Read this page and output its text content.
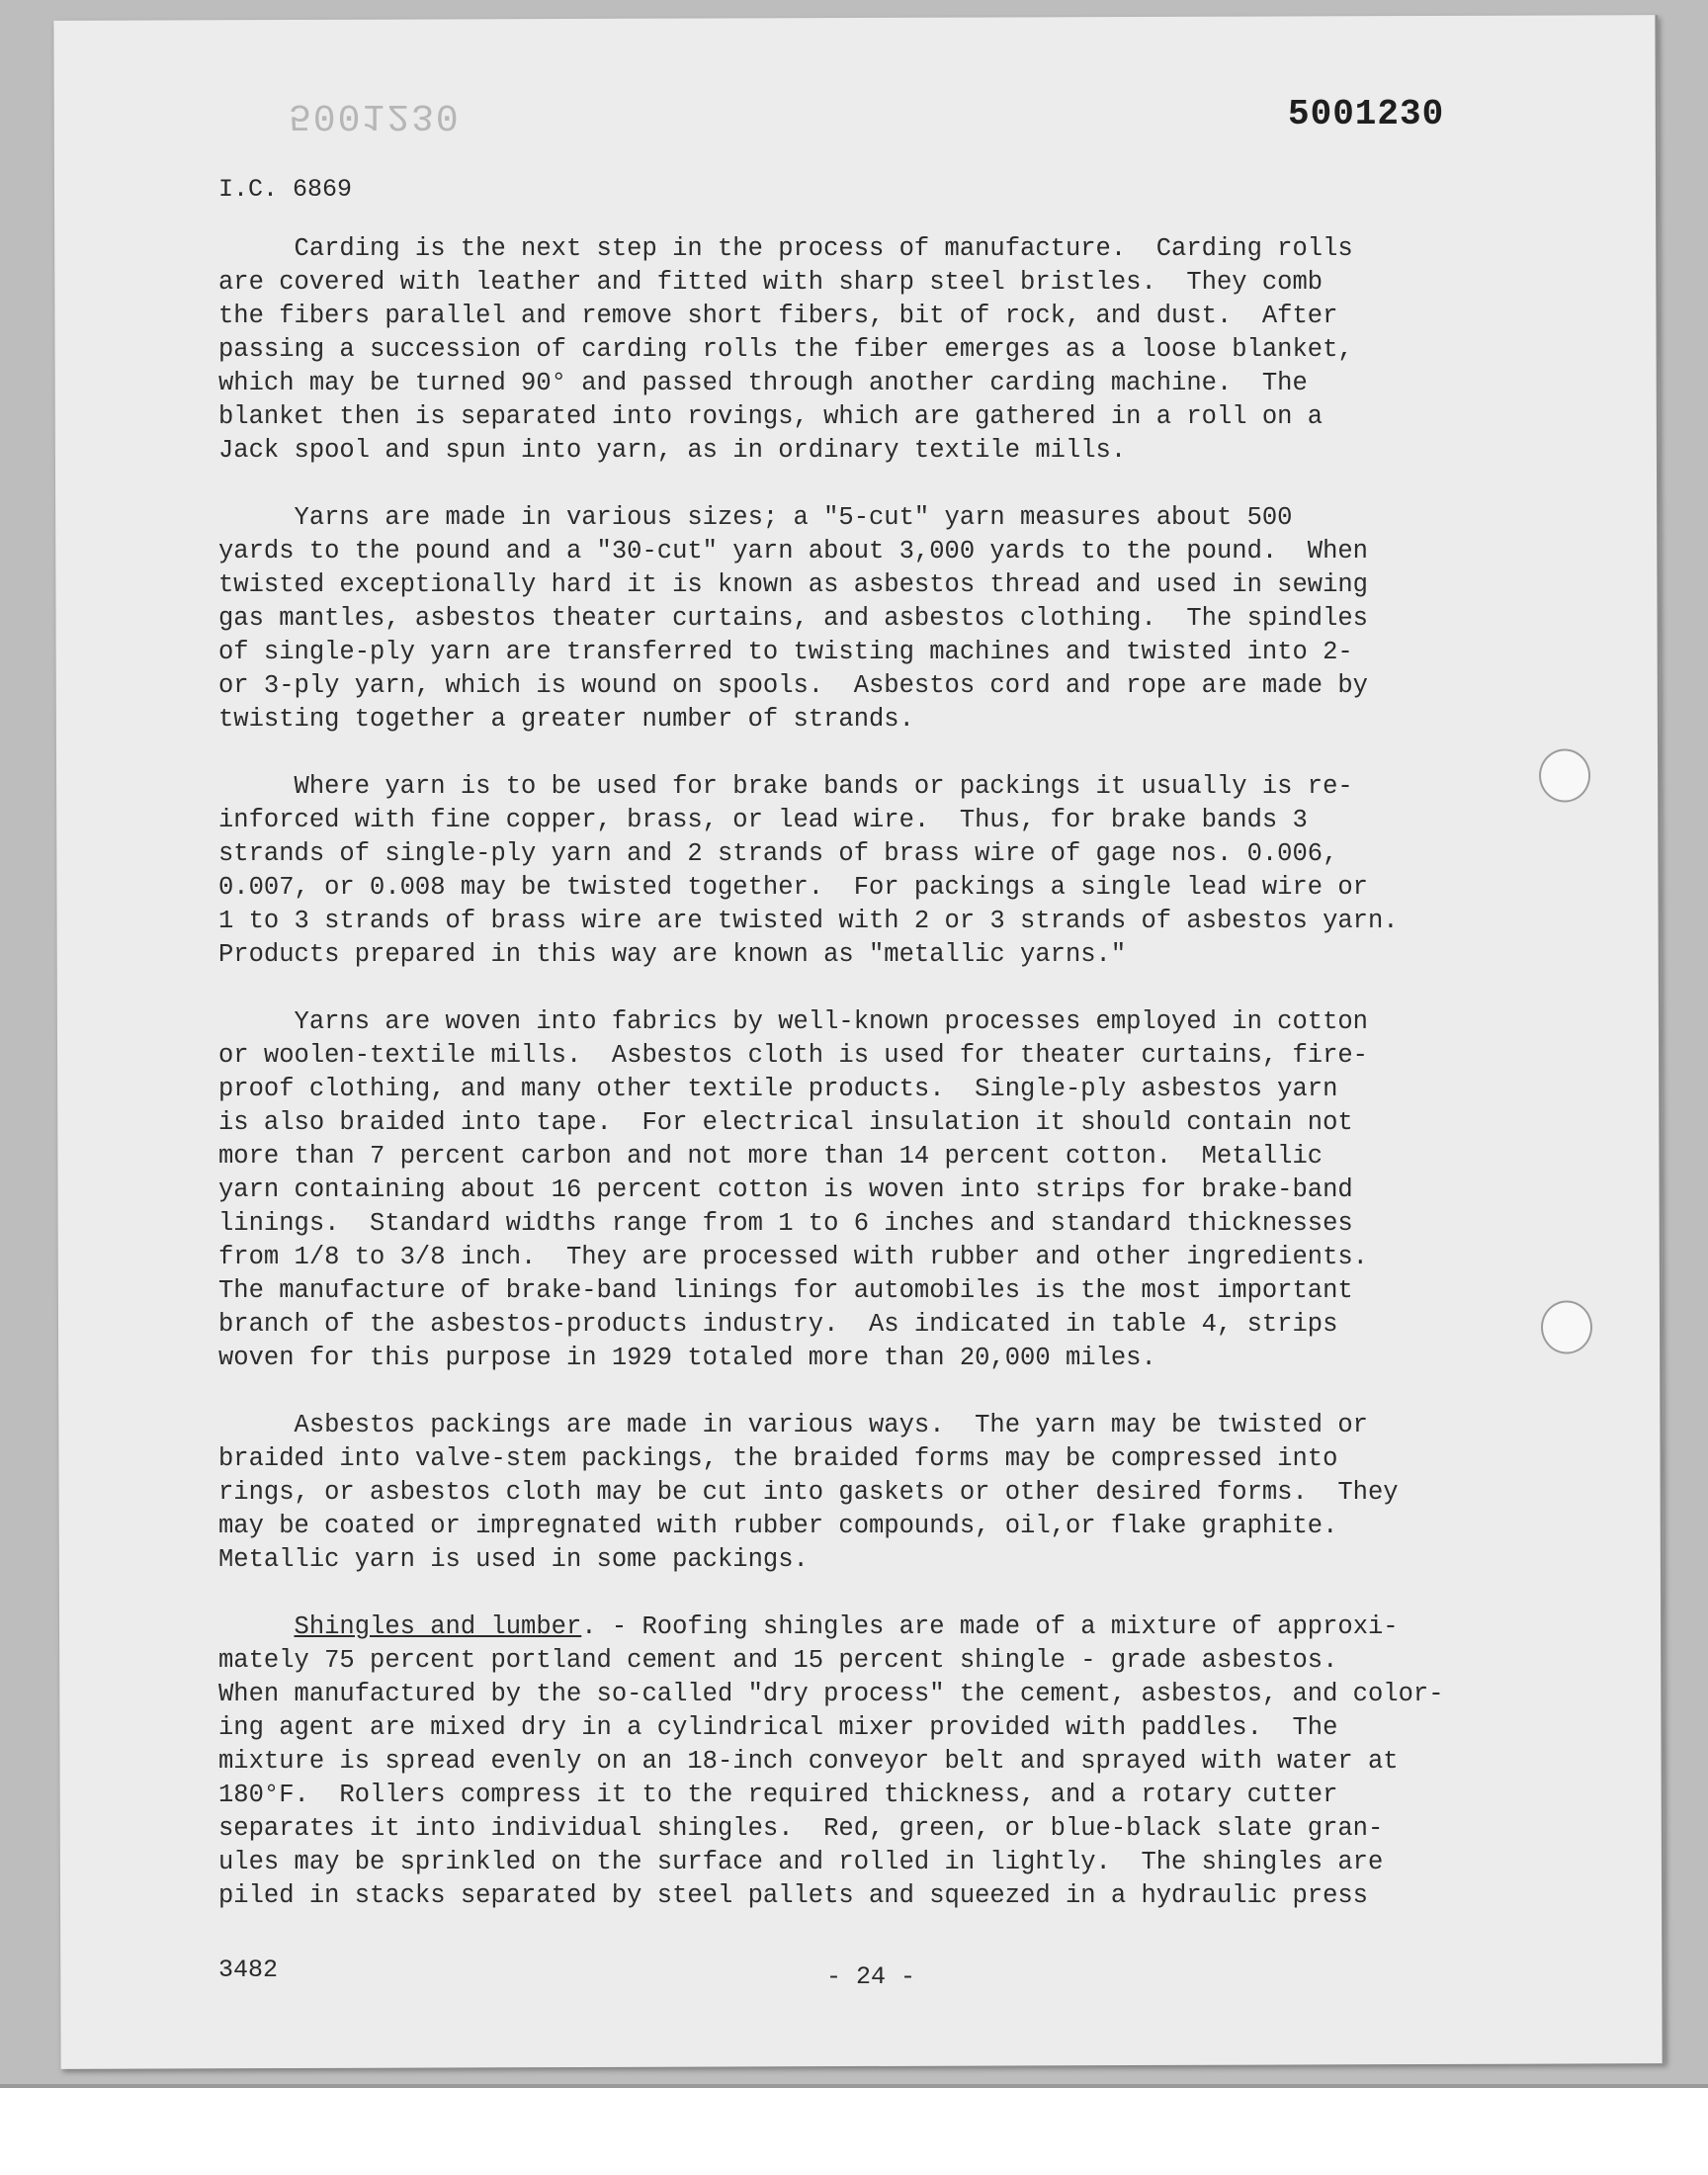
5001230	5001230
I.C. 6869

Carding is the next step in the process of manufacture.  Carding rolls
are covered with leather and fitted with sharp steel bristles.  They comb
the fibers parallel and remove short fibers, bit of rock, and dust.  After
passing a succession of carding rolls the fiber emerges as a loose blanket,
which may be turned 90° and passed through another carding machine.  The
blanket then is separated into rovings, which are gathered in a roll on a
Jack spool and spun into yarn, as in ordinary textile mills.

Yarns are made in various sizes; a "5-cut" yarn measures about 500
yards to the pound and a "30-cut" yarn about 3,000 yards to the pound.  When
twisted exceptionally hard it is known as asbestos thread and used in sewing
gas mantles, asbestos theater curtains, and asbestos clothing.  The spindles
of single-ply yarn are transferred to twisting machines and twisted into 2-
or 3-ply yarn, which is wound on spools.  Asbestos cord and rope are made by
twisting together a greater number of strands.

Where yarn is to be used for brake bands or packings it usually is re-
inforced with fine copper, brass, or lead wire.  Thus, for brake bands 3
strands of single-ply yarn and 2 strands of brass wire of gage nos. 0.006,
0.007, or 0.008 may be twisted together.  For packings a single lead wire or
1 to 3 strands of brass wire are twisted with 2 or 3 strands of asbestos yarn.
Products prepared in this way are known as "metallic yarns."

Yarns are woven into fabrics by well-known processes employed in cotton
or woolen-textile mills.  Asbestos cloth is used for theater curtains, fire-
proof clothing, and many other textile products.  Single-ply asbestos yarn
is also braided into tape.  For electrical insulation it should contain not
more than 7 percent carbon and not more than 14 percent cotton.  Metallic
yarn containing about 16 percent cotton is woven into strips for brake-band
linings.  Standard widths range from 1 to 6 inches and standard thicknesses
from 1/8 to 3/8 inch.  They are processed with rubber and other ingredients.
The manufacture of brake-band linings for automobiles is the most important
branch of the asbestos-products industry.  As indicated in table 4, strips
woven for this purpose in 1929 totaled more than 20,000 miles.

Asbestos packings are made in various ways.  The yarn may be twisted or
braided into valve-stem packings, the braided forms may be compressed into
rings, or asbestos cloth may be cut into gaskets or other desired forms.  They
may be coated or impregnated with rubber compounds, oil,or flake graphite.
Metallic yarn is used in some packings.

Shingles and lumber. - Roofing shingles are made of a mixture of approxi-
mately 75 percent portland cement and 15 percent shingle - grade asbestos.
When manufactured by the so-called "dry process" the cement, asbestos, and color-
ing agent are mixed dry in a cylindrical mixer provided with paddles.  The
mixture is spread evenly on an 18-inch conveyor belt and sprayed with water at
180°F.  Rollers compress it to the required thickness, and a rotary cutter
separates it into individual shingles.  Red, green, or blue-black slate gran-
ules may be sprinkled on the surface and rolled in lightly.  The shingles are
piled in stacks separated by steel pallets and squeezed in a hydraulic press

3482	- 24 -
